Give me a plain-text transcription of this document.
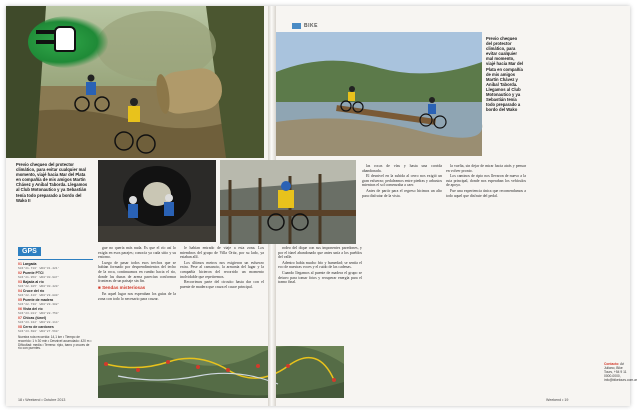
Previo chequeo del protector climático, para evitar cualquier mal momento, viajé hacia Mar del Plata en compañía de mis amigos Martín Chávez y Anibal Taborda. Llegamos al Club Motonautico y ya Sebastián tenía todo preparado a bordo del Wako II
GPS
01 Largada
S34°21.710' W60°31.421'
02 Puente PTCI
S34°21.950' W60°30.987'
03 Bajada al río
S34°22.105' W60°30.420'
04 Cruce del río
S34°22.416' W60°29.880'
05 Puente de madera
S34°22.730' W60°29.302'
06 Vista del río
S34°23.011' W60°28.750'
07 Chicas (túnel)
S34°23.342' W60°28.114'
08 Cerro de cardones
S34°23.690' W60°27.560'
Nuestra ruta recorrida: 14,1 km • Tiempo de recorrido: 1 h 30 min • Desnivel acumulado: 420 m • Dificultad: media • Terreno: ripio, barro y cruces de río con puentes.

gue no quería más nada. Es que el río así lo exigía en esos parajes; conocía ya cada sitio y su entorno.

Luego de pasar todos esos trechos que se habían formado por desprendimientos del techo de la roca, continuamos en rumbo hacia el río, donde las dunas de arena parecían conformar fronteras de un paisaje sin fin.

■ Sendas misteriosas

En aquel lugar nos esperaban los guías de la zona con todo lo necesario para cruzar.

le habían entrado de viaje a esta zona. Los miembros del grupo de Villa Ortiz, por su lado, ya estaban allí.

Los últimos metros nos exigieron un esfuerzo extra. Pese al cansancio, la armonía del lugar y la compañía hicieron del recorrido un momento inolvidable que repetiremos.

Recorrimos parte del circuito hasta dar con el puente de madera que cruza el cauce principal.

18 • Weekend • Octubre 2013
BIKE
Previo chequeo del protector climático, para evitar cualquier mal momento, viajé hacia Mar del Plata en compañía de mis amigos Martín Chávez y Anibal Taborda. Llegamos al Club Motonautico y ya Sebastián tenía todo preparado a bordo del Wako

rodeo del dique con sus imponentes paredones, y por el túnel abandonado que antes unía a los pueblos del valle.

Adentro había mucho frío y humedad; se sentía el eco de nuestras voces y el ruido de las cadenas.

Cuando llegamos al puente de madera el grupo se detuvo para tomar fotos y recuperar energía para el tramo final.

las rocas de vías y hasta una corrida abandonada.

El desnivel en la subida al cerro nos exigió un gran esfuerzo; pedaleamos entre piedras y arbustos mientras el sol comenzaba a caer.

Antes de partir para el regreso hicimos un alto para disfrutar de la vista.

la vuelta, sin dejar de mirar hacia atrás y pensar en volver pronto.

Los caminos de ripio nos llevaron de nuevo a la ruta principal, donde nos esperaban los vehículos de apoyo.

Fue una experiencia única que recomendamos a todo aquel que disfrute del pedal.

Contacto: Ari Juliano, Bike Tours, +54 9 11 0000-0000, info@biketours.com.ar
Weekend • 19
